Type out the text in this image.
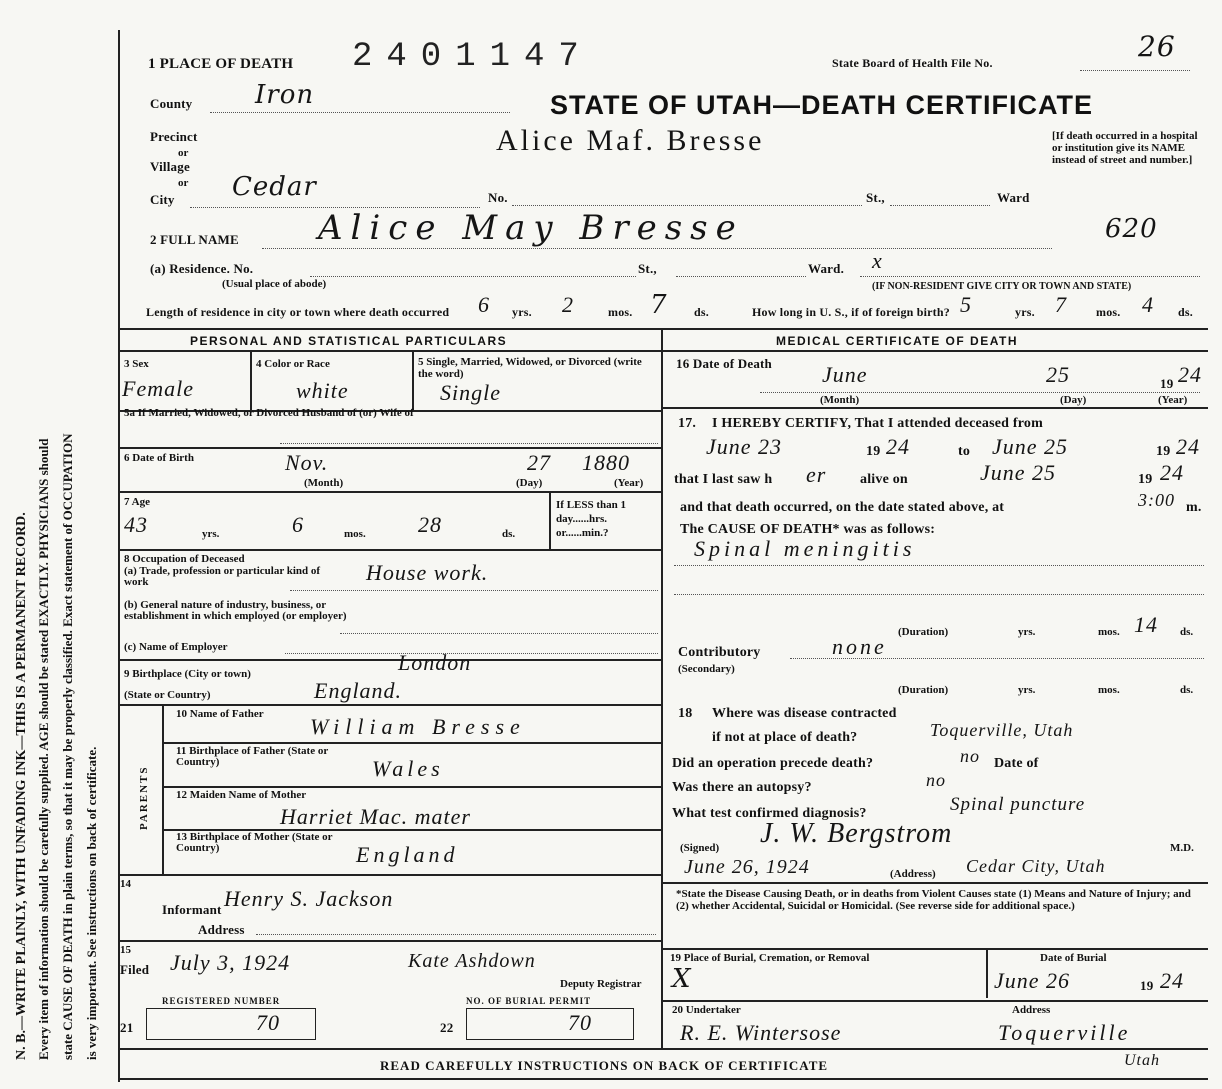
N. B.—WRITE PLAINLY, WITH UNFADING INK—THIS IS A PERMANENT RECORD. Every item of information should be carefully supplied. AGE should be stated EXACTLY. PHYSICIANS should state CAUSE OF DEATH in plain terms, so that it may be properly classified. Exact statement of OCCUPATION is very important. See instructions on back of certificate.
1 PLACE OF DEATH 2401147	State Board of Health File No.	26
STATE OF UTAH—DEATH CERTIFICATE
County Iron
Precinct
or
Village
or
City Cedar
Alice Maf. Bresse
No.	St.,	Ward
[If death occurred in a hospital or institution give its NAME instead of street and number.]
2 FULL NAME Alice May Bresse	620
(a) Residence. No.
(Usual place of abode)
St.,	Ward. x
(IF NON-RESIDENT GIVE CITY OR TOWN AND STATE)
Length of residence in city or town where death occurred 6 yrs. 2	mos. 7 ds.	How long in U. S., if of foreign birth? 5	yrs. 7 mos. 4 ds.
PERSONAL AND STATISTICAL PARTICULARS
3 Sex
Female
4 Color or Race
white
5 Single, Married, Widowed, or Divorced (write the word)
Single
5a If Married, Widowed, or Divorced Husband of (or) Wife of
6 Date of Birth	Nov.	27 1880
(Month)	(Day)	(Year)
7 Age
43	yrs.	6	mos. 28	ds.
If LESS than 1 day......hrs. or......min.?
8 Occupation of Deceased
(a) Trade, profession or particular kind of work	House work.
(b) General nature of industry, business, or establishment in which employed (or employer)
(c) Name of Employer
9 Birthplace (City or town)	London
(State or Country)	England.
PARENTS
10 Name of Father	William Bresse
11 Birthplace of Father (State or Country)	Wales
12 Maiden Name of Mother
Harriet Mac. mater
13 Birthplace of Mother (State or Country)	England
14
Informant Henry S. Jackson
Address
15
Filed July 3, 1924	Kate Ashdown
Deputy Registrar
REGISTERED NUMBER	NO. OF BURIAL PERMIT
21	70	22	70
MEDICAL CERTIFICATE OF DEATH
16 Date of Death June	25	19 24
(Month)	(Day)	(Year)
17. I HEREBY CERTIFY, That I attended deceased from
June 23	19 24	to June 25	19 24
that I last saw h er alive on	June 25	19 24
and that death occurred, on the date stated above, at	3:00 m.
The CAUSE OF DEATH* was as follows:
Spinal meningitis
(Duration)	yrs.	mos. 14 ds.
Contributory
(Secondary)
none
(Duration)	yrs.	mos.	ds.
18 Where was disease contracted
if not at place of death?	Toquerville, Utah
Did an operation precede death?	no Date of
Was there an autopsy?	no
What test confirmed diagnosis?	Spinal puncture
(Signed) J. W. Bergstrom	M.D.
June 26, 1924	(Address) Cedar City, Utah
*State the Disease Causing Death, or in deaths from Violent Causes state (1) Means and Nature of Injury; and (2) whether Accidental, Suicidal or Homicidal. (See reverse side for additional space.)
19 Place of Burial, Cremation, or Removal
X
Date of Burial
June 26	19 24
20 Undertaker
R. E. Wintersose
Address
Toquerville
Utah
READ CAREFULLY INSTRUCTIONS ON BACK OF CERTIFICATE
